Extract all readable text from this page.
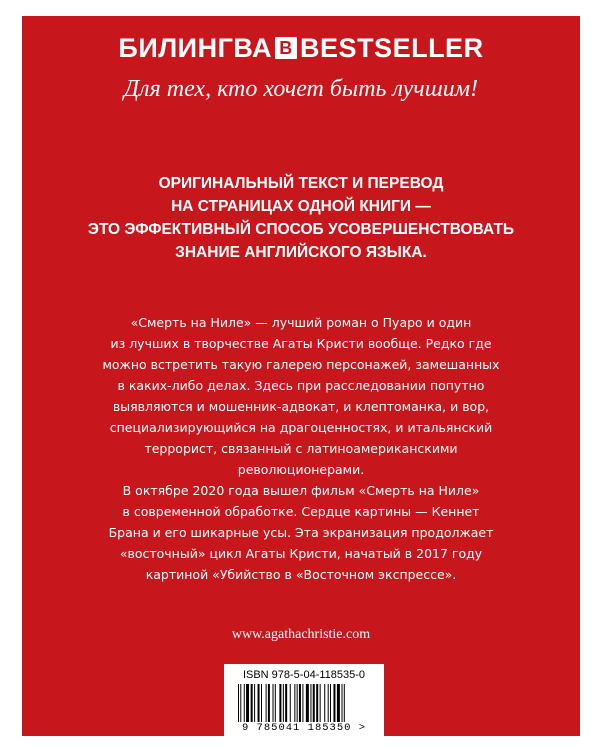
БИЛИНГВА B BESTSELLER
Для тех, кто хочет быть лучшим!
ОРИГИНАЛЬНЫЙ ТЕКСТ И ПЕРЕВОД
НА СТРАНИЦАХ ОДНОЙ КНИГИ —
ЭТО ЭФФЕКТИВНЫЙ СПОСОБ УСОВЕРШЕНСТВОВАТЬ
ЗНАНИЕ АНГЛИЙСКОГО ЯЗЫКА.
«Смерть на Ниле» — лучший роман о Пуаро и один
из лучших в творчестве Агаты Кристи вообще. Редко где
можно встретить такую галерею персонажей, замешанных
в каких-либо делах. Здесь при расследовании попутно
выявляются и мошенник-адвокат, и клептоманка, и вор,
специализирующийся на драгоценностях, и итальянский
террорист, связанный с латиноамериканскими
революционерами.
В октябре 2020 года вышел фильм «Смерть на Ниле»
в современной обработке. Сердце картины — Кеннет
Брана и его шикарные усы. Эта экранизация продолжает
«восточный» цикл Агаты Кристи, начатый в 2017 году
картиной «Убийство в «Восточном экспрессе».
www.agathachristie.com
ISBN 978-5-04-118535-0
9 785041 185350 >
